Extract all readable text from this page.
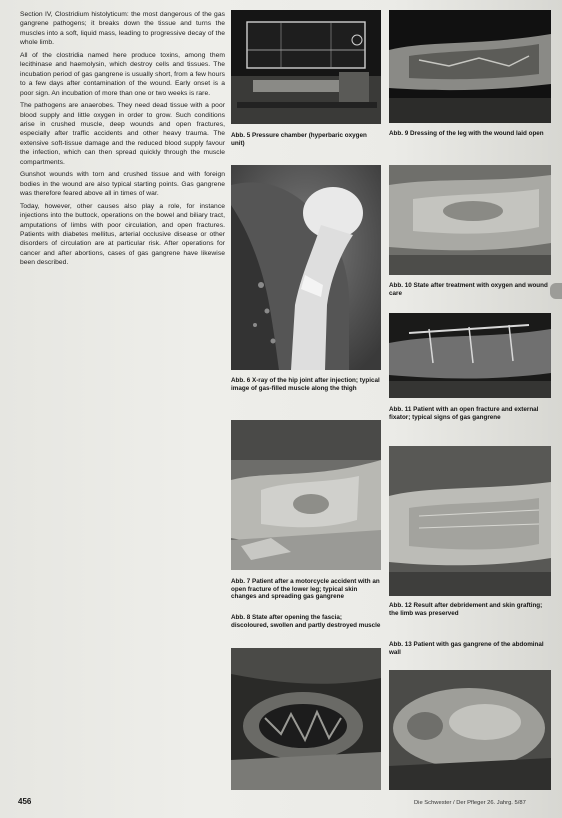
Section IV, Clostridium histolyticum: the most dangerous of the gas gangrene pathogens; it breaks down the tissue and turns the muscles into a soft, liquid mass, leading to progressive decay of the whole limb.

All of the clostridia named here produce toxins, among them lecithinase and haemolysin, which destroy cells and tissues. The incubation period of gas gangrene is usually short, from a few hours to a few days after contamination of the wound. Early onset is a poor sign. An incubation of more than one or two weeks is rare.

The pathogens are anaerobes. They need dead tissue with a poor blood supply and little oxygen in order to grow. Such conditions arise in crushed muscle, deep wounds and open fractures, especially after traffic accidents and other heavy trauma. The extensive soft-tissue damage and the reduced blood supply favour the infection, which can then spread quickly through the muscle compartments.

Gunshot wounds with torn and crushed tissue and with foreign bodies in the wound are also typical starting points. Gas gangrene was therefore feared above all in times of war.

Today, however, other causes also play a role, for instance injections into the buttock, operations on the bowel and biliary tract, amputations of limbs with poor circulation, and open fractures. Patients with diabetes mellitus, arterial occlusive disease or other disorders of circulation are at particular risk. After operations for cancer and after abortions, cases of gas gangrene have likewise been described.

Abb. 5 Pressure chamber (hyperbaric oxygen unit)
Abb. 6 X-ray of the hip joint after injection; typical image of gas-filled muscle along the thigh
Abb. 7 Patient after a motorcycle accident with an open fracture of the lower leg; typical skin changes and spreading gas gangrene
Abb. 8 State after opening the fascia; discoloured, swollen and partly destroyed muscle
Abb. 9 Dressing of the leg with the wound laid open
Abb. 10 State after treatment with oxygen and wound care
Abb. 11 Patient with an open fracture and external fixator; typical signs of gas gangrene
Abb. 12 Result after debridement and skin grafting; the limb was preserved
Abb. 13 Patient with gas gangrene of the abdominal wall
456	Die Schwester / Der Pfleger 26. Jahrg. 5/87
